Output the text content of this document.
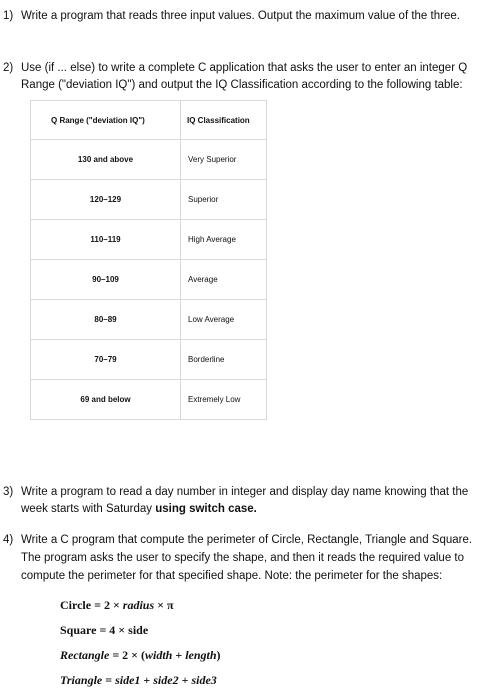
1) Write a program that reads three input values. Output the maximum value of the three.
2) Use (if ... else) to write a complete C application that asks the user to enter an integer Q
Range ("deviation IQ") and output the IQ Classification according to the following table:
Q Range ("deviation IQ")	IQ Classification
130 and above	Very Superior
120–129	Superior
110–119	High Average
90–109	Average
80–89	Low Average
70–79	Borderline
69 and below	Extremely Low
3) Write a program to read a day number in integer and display day name knowing that the
week starts with Saturday using switch case.
4) Write a C program that compute the perimeter of Circle, Rectangle, Triangle and Square.
The program asks the user to specify the shape, and then it reads the required value to
compute the perimeter for that specified shape. Note: the perimeter for the shapes:
Circle = 2 × radius × π
Square = 4 × side
Rectangle = 2 × (width + length)
Triangle = side1 + side2 + side3
